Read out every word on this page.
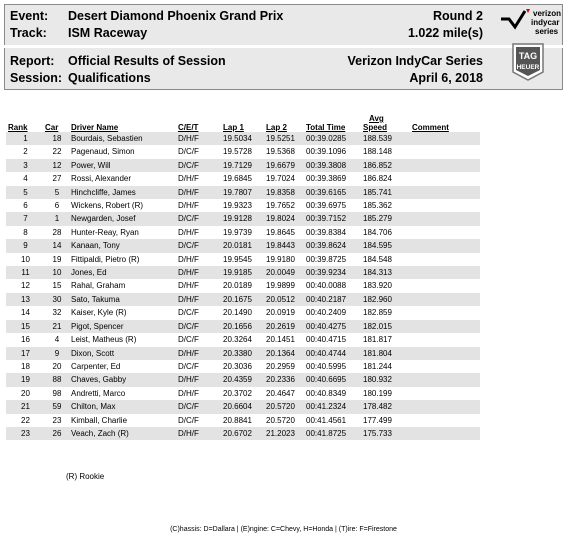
Event: Desert Diamond Phoenix Grand Prix	Round 2
Track: ISM Raceway	1.022 mile(s)
Report: Official Results of Session	Verizon IndyCar Series
Session: Qualifications	April 6, 2018
verizon
indycar
series
TAG
HEUER
Rank	Car	Driver Name	C/E/T	Lap 1	Lap 2	Total Time	Avg
Speed	Comment
1	18	Bourdais, Sebastien	D/H/F	19.5034	19.5251	00:39.0285	188.539	
2	22	Pagenaud, Simon	D/C/F	19.5728	19.5368	00:39.1096	188.148	
3	12	Power, Will	D/C/F	19.7129	19.6679	00:39.3808	186.852	
4	27	Rossi, Alexander	D/H/F	19.6845	19.7024	00:39.3869	186.824	
5	5	Hinchcliffe, James	D/H/F	19.7807	19.8358	00:39.6165	185.741	
6	6	Wickens, Robert (R)	D/H/F	19.9323	19.7652	00:39.6975	185.362	
7	1	Newgarden, Josef	D/C/F	19.9128	19.8024	00:39.7152	185.279	
8	28	Hunter-Reay, Ryan	D/H/F	19.9739	19.8645	00:39.8384	184.706	
9	14	Kanaan, Tony	D/C/F	20.0181	19.8443	00:39.8624	184.595	
10	19	Fittipaldi, Pietro (R)	D/H/F	19.9545	19.9180	00:39.8725	184.548	
11	10	Jones, Ed	D/H/F	19.9185	20.0049	00:39.9234	184.313	
12	15	Rahal, Graham	D/H/F	20.0189	19.9899	00:40.0088	183.920	
13	30	Sato, Takuma	D/H/F	20.1675	20.0512	00:40.2187	182.960	
14	32	Kaiser, Kyle (R)	D/C/F	20.1490	20.0919	00:40.2409	182.859	
15	21	Pigot, Spencer	D/C/F	20.1656	20.2619	00:40.4275	182.015	
16	4	Leist, Matheus (R)	D/C/F	20.3264	20.1451	00:40.4715	181.817	
17	9	Dixon, Scott	D/H/F	20.3380	20.1364	00:40.4744	181.804	
18	20	Carpenter, Ed	D/C/F	20.3036	20.2959	00:40.5995	181.244	
19	88	Chaves, Gabby	D/H/F	20.4359	20.2336	00:40.6695	180.932	
20	98	Andretti, Marco	D/H/F	20.3702	20.4647	00:40.8349	180.199	
21	59	Chilton, Max	D/C/F	20.6604	20.5720	00:41.2324	178.482	
22	23	Kimball, Charlie	D/C/F	20.8841	20.5720	00:41.4561	177.499	
23	26	Veach, Zach (R)	D/H/F	20.6702	21.2023	00:41.8725	175.733	
(R) Rookie
(C)hassis: D=Dallara | (E)ngine: C=Chevy, H=Honda | (T)ire: F=Firestone
